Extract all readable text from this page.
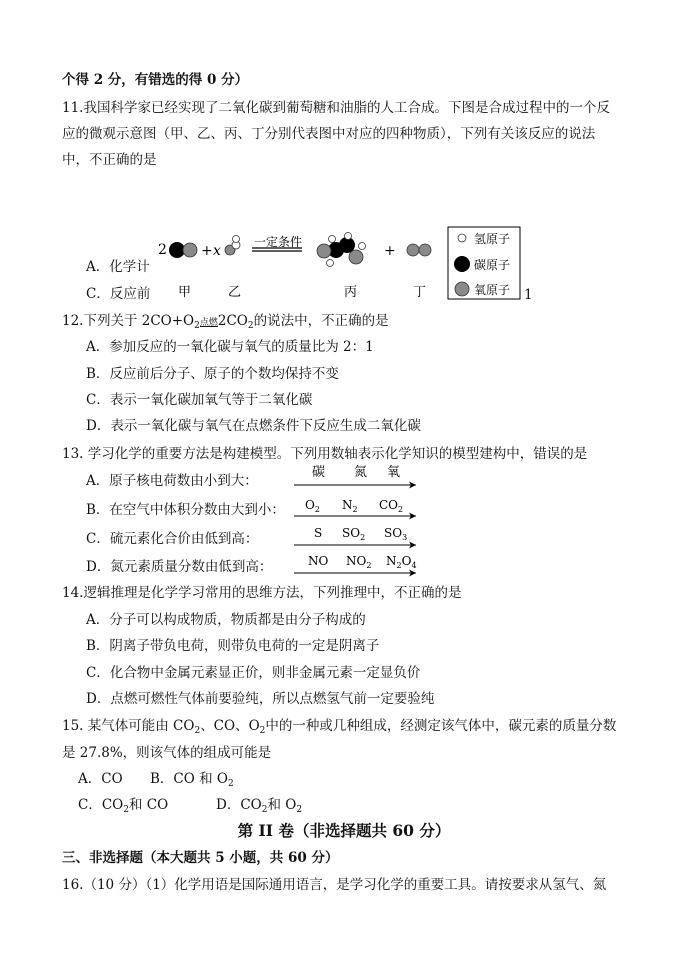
个得 2 分，有错选的得 0 分）
11.我国科学家已经实现了二氧化碳到葡萄糖和油脂的人工合成。下图是合成过程中的一个反
应的微观示意图（甲、乙、丙、丁分别代表图中对应的四种物质），下列有关该反应的说法
中，不正确的是
2 + x
一定条件
+
甲	乙	丙	丁
氢原子
碳原子
氧原子
A．化学计
C．反应前	1
12.下列关于 $2CO+O_2$点燃$2CO_2$的说法中，不正确的是
A．参加反应的一氧化碳与氧气的质量比为 2：1
B．反应前后分子、原子的个数均保持不变
C．表示一氧化碳加氧气等于二氧化碳
D．表示一氧化碳与氧气在点燃条件下反应生成二氧化碳
13. 学习化学的重要方法是构建模型。下列用数轴表示化学知识的模型建构中，错误的是
A．原子核电荷数由小到大：
碳 氮 氧
B．在空气中体积分数由大到小： $O_2$ $N_2$ $CO_2$
C．硫元素化合价由低到高：	S $SO_2$ $SO_3$
D．氮元素质量分数由低到高：	NO $NO_2$ $N_2O_4$
14.逻辑推理是化学学习常用的思维方法，下列推理中，不正确的是
A．分子可以构成物质，物质都是由分子构成的
B．阴离子带负电荷，则带负电荷的一定是阴离子
C．化合物中金属元素显正价，则非金属元素一定显负价
D．点燃可燃性气体前要验纯，所以点燃氢气前一定要验纯
15. 某气体可能由 $CO_2$、CO、$O_2$中的一种或几种组成，经测定该气体中，碳元素的质量分数
是 27.8%，则该气体的组成可能是
A．CO B．CO 和 $O_2$
C．$CO_2$和 CO	D．$CO_2$和 $O_2$
第 II 卷（非选择题共 60 分）
三、非选择题（本大题共 5 小题，共 60 分）
16.（10 分）（1）化学用语是国际通用语言，是学习化学的重要工具。请按要求从氢气、氮
